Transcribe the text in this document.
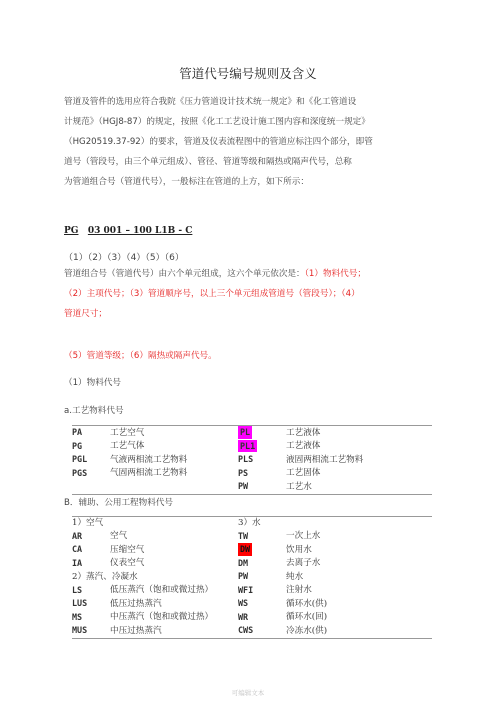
管道代号编号规则及含义
管道及管件的选用应符合我院《压力管道设计技术统一规定》和《化工管道设
计规范》（HGJ8-87）的规定，按照《化工工艺设计施工图内容和深度统一规定》
（HG20519.37-92）的要求，管道及仪表流程图中的管道应标注四个部分，即管
道号（管段号，由三个单元组成）、管径、管道等级和隔热或隔声代号，总称
为管道组合号（管道代号），一般标注在管道的上方，如下所示：
PG 03 001 – 100 L1B - C
（1）（2）（3）（4）（5）（6）
管道组合号（管道代号）由六个单元组成，这六个单元依次是：（1）物料代号；
（2）主项代号；（3）管道顺序号，以上三个单元组成管道号（管段号）；（4）
管道尺寸；
（5）管道等级；（6）隔热或隔声代号。
（1）物料代号
a.工艺物料代号
PA	工艺空气	PL	工艺液体
PG	工艺气体	PL1	工艺液体
PGL	气液两相流工艺物料	PLS	液固两相流工艺物料
PGS	气固两相流工艺物料	PS	工艺固体
		PW	工艺水
B．辅助、公用工程物料代号
1）空气		3）水	
AR	空气	TW	一次上水
CA	压缩空气	DW	饮用水
IA	仪表空气	DM	去离子水
2）蒸汽、冷凝水		PW	纯水
LS	低压蒸汽（饱和或微过热）	WFI	注射水
LUS	低压过热蒸汽	WS	循环水(供)
MS	中压蒸汽（饱和或微过热）	WR	循环水(回)
MUS	中压过热蒸汽	CWS	冷冻水(供)
可编辑文本
